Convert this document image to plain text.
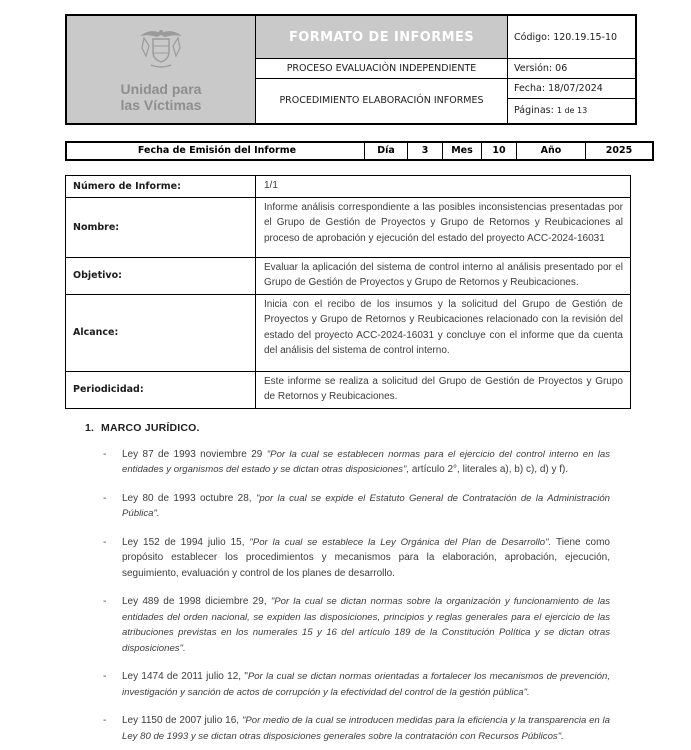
Unidad para
las Víctimas	FORMATO DE INFORMES	Código: 120.19.15-10
	PROCESO EVALUACIÒN INDEPENDIENTE	Versión: 06
	PROCEDIMIENTO ELABORACIÓN INFORMES	Fecha: 18/07/2024
		Páginas: 1 de 13
Fecha de Emisión del Informe	Día	3	Mes	10	Año	2025
Número de Informe:	1/1
Nombre:	Informe análisis correspondiente a las posibles inconsistencias presentadas por el Grupo de Gestión de Proyectos y Grupo de Retornos y Reubicaciones al proceso de aprobación y ejecución del estado del proyecto ACC-2024-16031
Objetivo:	Evaluar la aplicación del sistema de control interno al análisis presentado por el Grupo de Gestión de Proyectos y Grupo de Retornos y Reubicaciones.
Alcance:	Inicia con el recibo de los insumos y la solicitud del Grupo de Gestión de Proyectos y Grupo de Retornos y Reubicaciones relacionado con la revisión del estado del proyecto ACC-2024-16031 y concluye con el informe que da cuenta del análisis del sistema de control interno.
Periodicidad:	Este informe se realiza a solicitud del Grupo de Gestión de Proyectos y Grupo de Retornos y Reubicaciones.
1. MARCO JURÍDICO.
-	Ley 87 de 1993 noviembre 29 "Por la cual se establecen normas para el ejercicio del control interno en las entidades y organismos del estado y se dictan otras disposiciones", artículo 2°, literales a), b) c), d) y f).

-	Ley 80 de 1993 octubre 28, "por la cual se expide el Estatuto General de Contratación de la Administración Pública".

-	Ley 152 de 1994 julio 15, "Por la cual se establece la Ley Orgánica del Plan de Desarrollo". Tiene como propósito establecer los procedimientos y mecanismos para la elaboración, aprobación, ejecución, seguimiento, evaluación y control de los planes de desarrollo.

-	Ley 489 de 1998 diciembre 29, "Por la cual se dictan normas sobre la organización y funcionamiento de las entidades del orden nacional, se expiden las disposiciones, principios y reglas generales para el ejercicio de las atribuciones previstas en los numerales 15 y 16 del artículo 189 de la Constitución Política y se dictan otras disposiciones".

-	Ley 1474 de 2011 julio 12, "Por la cual se dictan normas orientadas a fortalecer los mecanismos de prevención, investigación y sanción de actos de corrupción y la efectividad del control de la gestión pública".

-	Ley 1150 de 2007 julio 16, "Por medio de la cual se introducen medidas para la eficiencia y la transparencia en la Ley 80 de 1993 y se dictan otras disposiciones generales sobre la contratación con Recursos Públicos".
